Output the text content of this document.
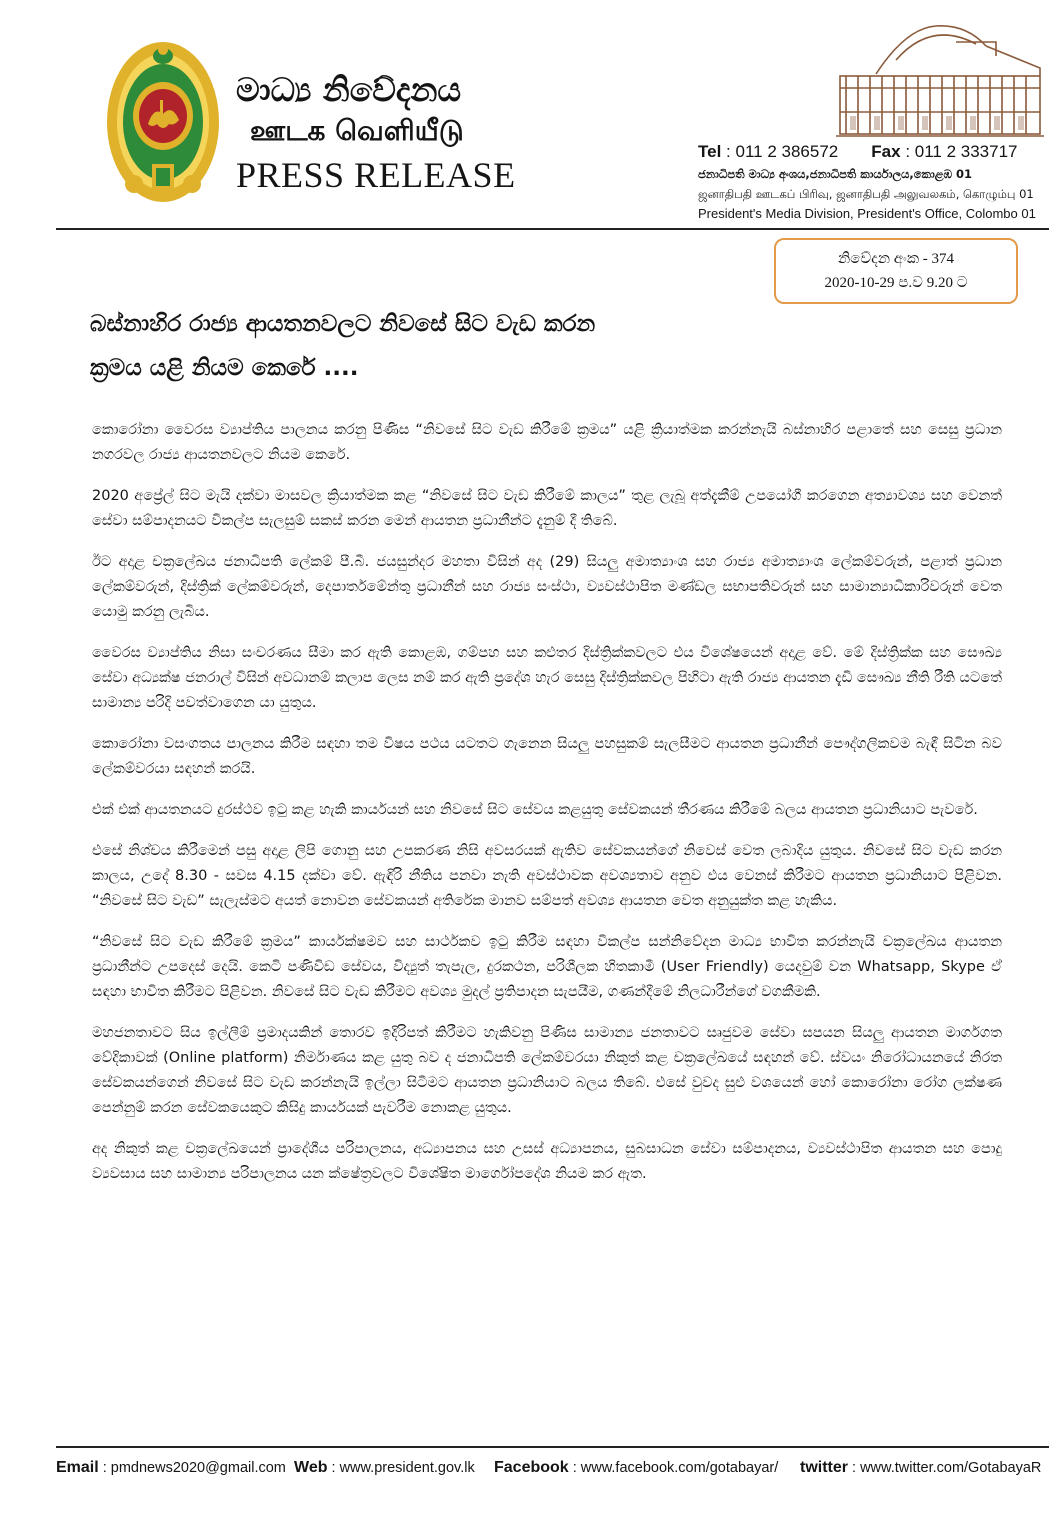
මාධ්‍ය නිවේදනය
ஊடக வெளியீடு
PRESS RELEASE
Tel : 011 2 386572 Fax : 011 2 333717
ජනාධිපති මාධ්‍ය අංශය,ජනාධිපති කාර්යාලය,කොළඹ 01
ஜனாதிபதி ஊடகப் பிரிவு, ஜனாதிபதி அலுவலகம், கொழும்பு 01
President's Media Division, President's Office, Colombo 01
නිවේදන අංක - 374
2020-10-29 ප.ව 9.20 ට
බස්නාහිර රාජ්‍ය ආයතනවලට නිවසේ සිට වැඩ කරන
ක්‍රමය යළි නියම කෙරේ ....

කොරෝනා වෛරස ව්‍යාප්තිය පාලනය කරනු පිණිස “නිවසේ සිට වැඩ කිරීමේ ක්‍රමය” යළි ක්‍රියාත්මක කරන්නැයි බස්නාහිර පළාතේ සහ සෙසු ප්‍රධාන නගරවල රාජ්‍ය ආයතනවලට නියම කෙරේ.

2020 අප්‍රේල් සිට මැයි දක්වා මාසවල ක්‍රියාත්මක කළ “නිවසේ සිට වැඩ කිරීමේ කාලය” තුළ ලැබූ අත්දැකීම් උපයෝගී කරගෙන අත්‍යාවශ්‍ය සහ වෙනත් සේවා සම්පාදනයට විකල්ප සැලසුම් සකස් කරන මෙන් ආයතන ප්‍රධානීන්ට දැනුම් දී තිබේ.

ඊට අදාළ චක්‍රලේඛය ජනාධිපති ලේකම් පී.බී. ජයසුන්දර මහතා විසින් අද (29) සියලු අමාත්‍යාංශ සහ රාජ්‍ය අමාත්‍යාංශ ලේකම්වරුන්, පළාත් ප්‍රධාන ලේකම්වරුන්, දිස්ත්‍රික් ලේකම්වරුන්, දෙපාර්තමේන්තු ප්‍රධානීන් සහ රාජ්‍ය සංස්ථා, ව්‍යවස්ථාපිත මණ්ඩල සභාපතිවරුන් සහ සාමාන්‍යාධිකාරිවරුන් වෙත යොමු කරනු ලැබිය.

වෛරස ව්‍යාප්තිය නිසා සංචරණය සීමා කර ඇති කොළඹ, ගම්පහ සහ කළුතර දිස්ත්‍රික්කවලට එය විශේෂයෙන් අදාළ වේ. මේ දිස්ත්‍රික්ක සහ සෞඛ්‍ය සේවා අධ්‍යක්ෂ ජනරාල් විසින් අවධානම් කලාප ලෙස නම් කර ඇති ප්‍රදේශ හැර සෙසු දිස්ත්‍රික්කවල පිහිටා ඇති රාජ්‍ය ආයතන දැඩි සෞඛ්‍ය නීති රීති යටතේ සාමාන්‍ය පරිදි පවත්වාගෙන යා යුතුය.

කොරෝනා වසංගතය පාලනය කිරීම සඳහා තම විෂය පථය යටතට ගැනෙන සියලු පහසුකම් සැලසීමට ආයතන ප්‍රධානීන් පෞද්ගලිකවම බැඳී සිටින බව ලේකම්වරයා සඳහන් කරයි.

එක් එක් ආයතනයට දුරස්ථව ඉටු කළ හැකි කාර්යයන් සහ නිවසේ සිට සේවය කළයුතු සේවකයන් තීරණය කිරීමේ බලය ආයතන ප්‍රධානියාට පැවරේ.

එසේ නිශ්චය කිරීමෙන් පසු අදාළ ලිපි ගොනු සහ උපකරණ නිසි අවසරයක් ඇතිව සේවකයන්ගේ නිවෙස් වෙත ලබාදිය යුතුය. නිවසේ සිට වැඩ කරන කාලය, උදේ 8.30 - සවස 4.15 දක්වා වේ. ඇඳිරි නීතිය පනවා නැති අවස්ථාවක අවශ්‍යතාව අනුව එය වෙනස් කිරීමට ආයතන ප්‍රධානියාට පිළිවන. “නිවසේ සිට වැඩ” සැලැස්මට අයත් නොවන සේවකයන් අතිරේක මානව සම්පත් අවශ්‍ය ආයතන වෙත අනුයුක්ත කළ හැකිය.

“නිවසේ සිට වැඩ කිරීමේ ක්‍රමය” කාර්යක්ෂමව සහ සාර්ථකව ඉටු කිරීම සඳහා විකල්ප සන්නිවේදන මාධ්‍ය භාවිත කරන්නැයි චක්‍රලේඛය ආයතන ප්‍රධානීන්ට උපදෙස් දෙයි. කෙටි පණිවිඩ සේවය, විද්‍යුත් තැපැල, දුරකථන, පරිශීලක හිතකාමී (User Friendly) යෙදවුම් වන Whatsapp, Skype ඒ සඳහා භාවිත කිරීමට පිළිවන. නිවසේ සිට වැඩ කිරීමට අවශ්‍ය මුදල් ප්‍රතිපාදන සැපයීම, ගණන්දීමේ නිලධාරීන්ගේ වගකීමකි.

මහජනතාවට සිය ඉල්ලීම් ප්‍රමාදයකින් තොරව ඉදිරිපත් කිරීමට හැකිවනු පිණිස සාමාන්‍ය ජනතාවට සෘජුවම සේවා සපයන සියලු ආයතන මාර්ගගත වේදිකාවක් (Online platform) නිර්මාණය කළ යුතු බව ද ජනාධිපති ලේකම්වරයා නිකුත් කළ චක්‍රලේඛයේ සඳහන් වේ. ස්වයං නිරෝධායනයේ නිරත සේවකයන්ගෙන් නිවසේ සිට වැඩ කරන්නැයි ඉල්ලා සිටීමට ආයතන ප්‍රධානියාට බලය තිබේ. එසේ වුවද සුළු වශයෙන් හෝ කොරෝනා රෝග ලක්ෂණ පෙන්නුම් කරන සේවකයෙකුට කිසිදු කාර්යයක් පැවරීම නොකළ යුතුය.

අද නිකුත් කළ චක්‍රලේඛයෙන් ප්‍රාදේශීය පරිපාලනය, අධ්‍යාපනය සහ උසස් අධ්‍යාපනය, සුබසාධන සේවා සම්පාදනය, ව්‍යවස්ථාපිත ආයතන සහ පොදු ව්‍යවසාය සහ සාමාන්‍ය පරිපාලනය යන ක්ෂේත්‍රවලට විශේෂිත මාර්ගෝපදේශ නියම කර ඇත.

Email : pmdnews2020@gmail.com Web : www.president.gov.lk Facebook : www.facebook.com/gotabayar/ twitter : www.twitter.com/GotabayaR
